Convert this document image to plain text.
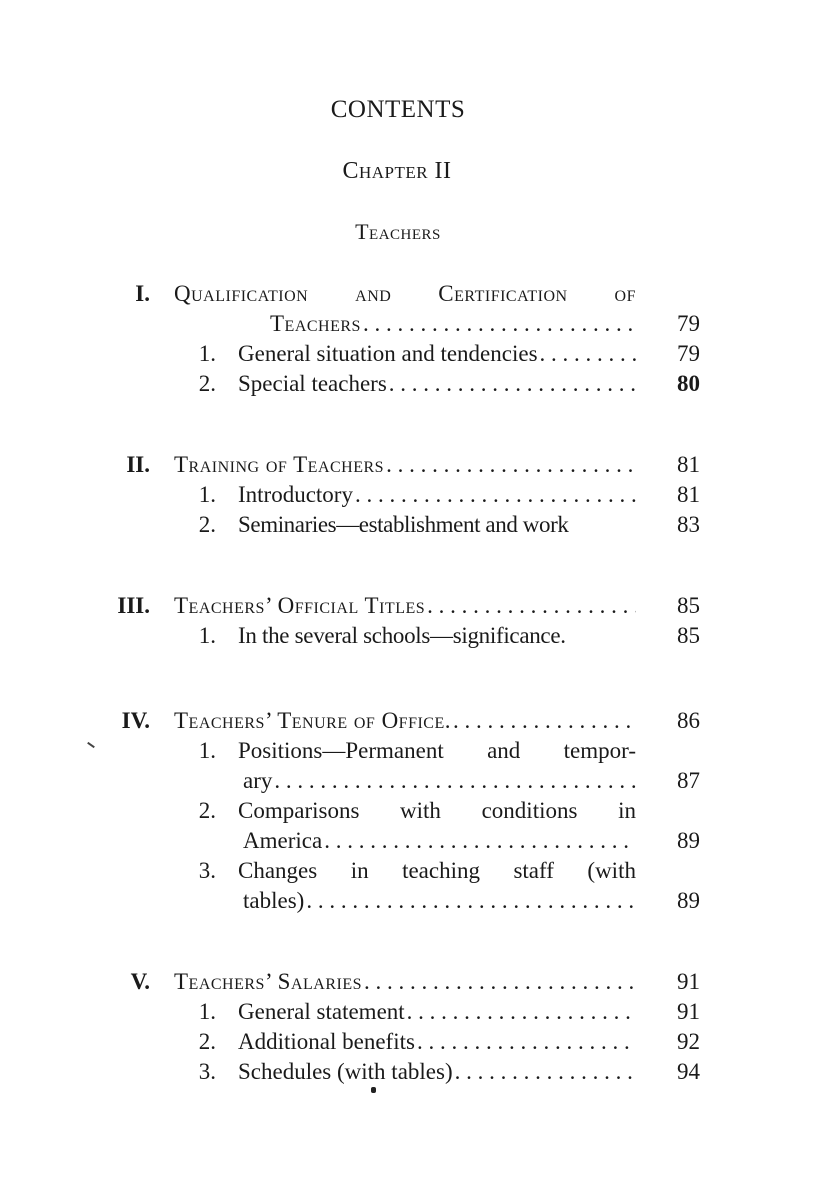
CONTENTS
Chapter II
Teachers
I. Qualification and Certification of
Teachers . . .	79
1. General situation and tendencies . . .	79
2. Special teachers . . .	80
II. Training of Teachers . . .	81
1. Introductory . . .	81
2. Seminaries—establishment and work	83
III. Teachers’ Official Titles . . .	85
1. In the several schools—significance .	85
IV. Teachers’ Tenure of Office. . . .	86
1. Positions—Permanent and tempor-
ary . . .	87
2. Comparisons with conditions in
America . . .	89
3. Changes in teaching staff (with
tables) . . .	89
V. Teachers’ Salaries . . .	91
1. General statement . . .	91
2. Additional benefits . . .	92
3. Schedules (with tables) . . .	94
